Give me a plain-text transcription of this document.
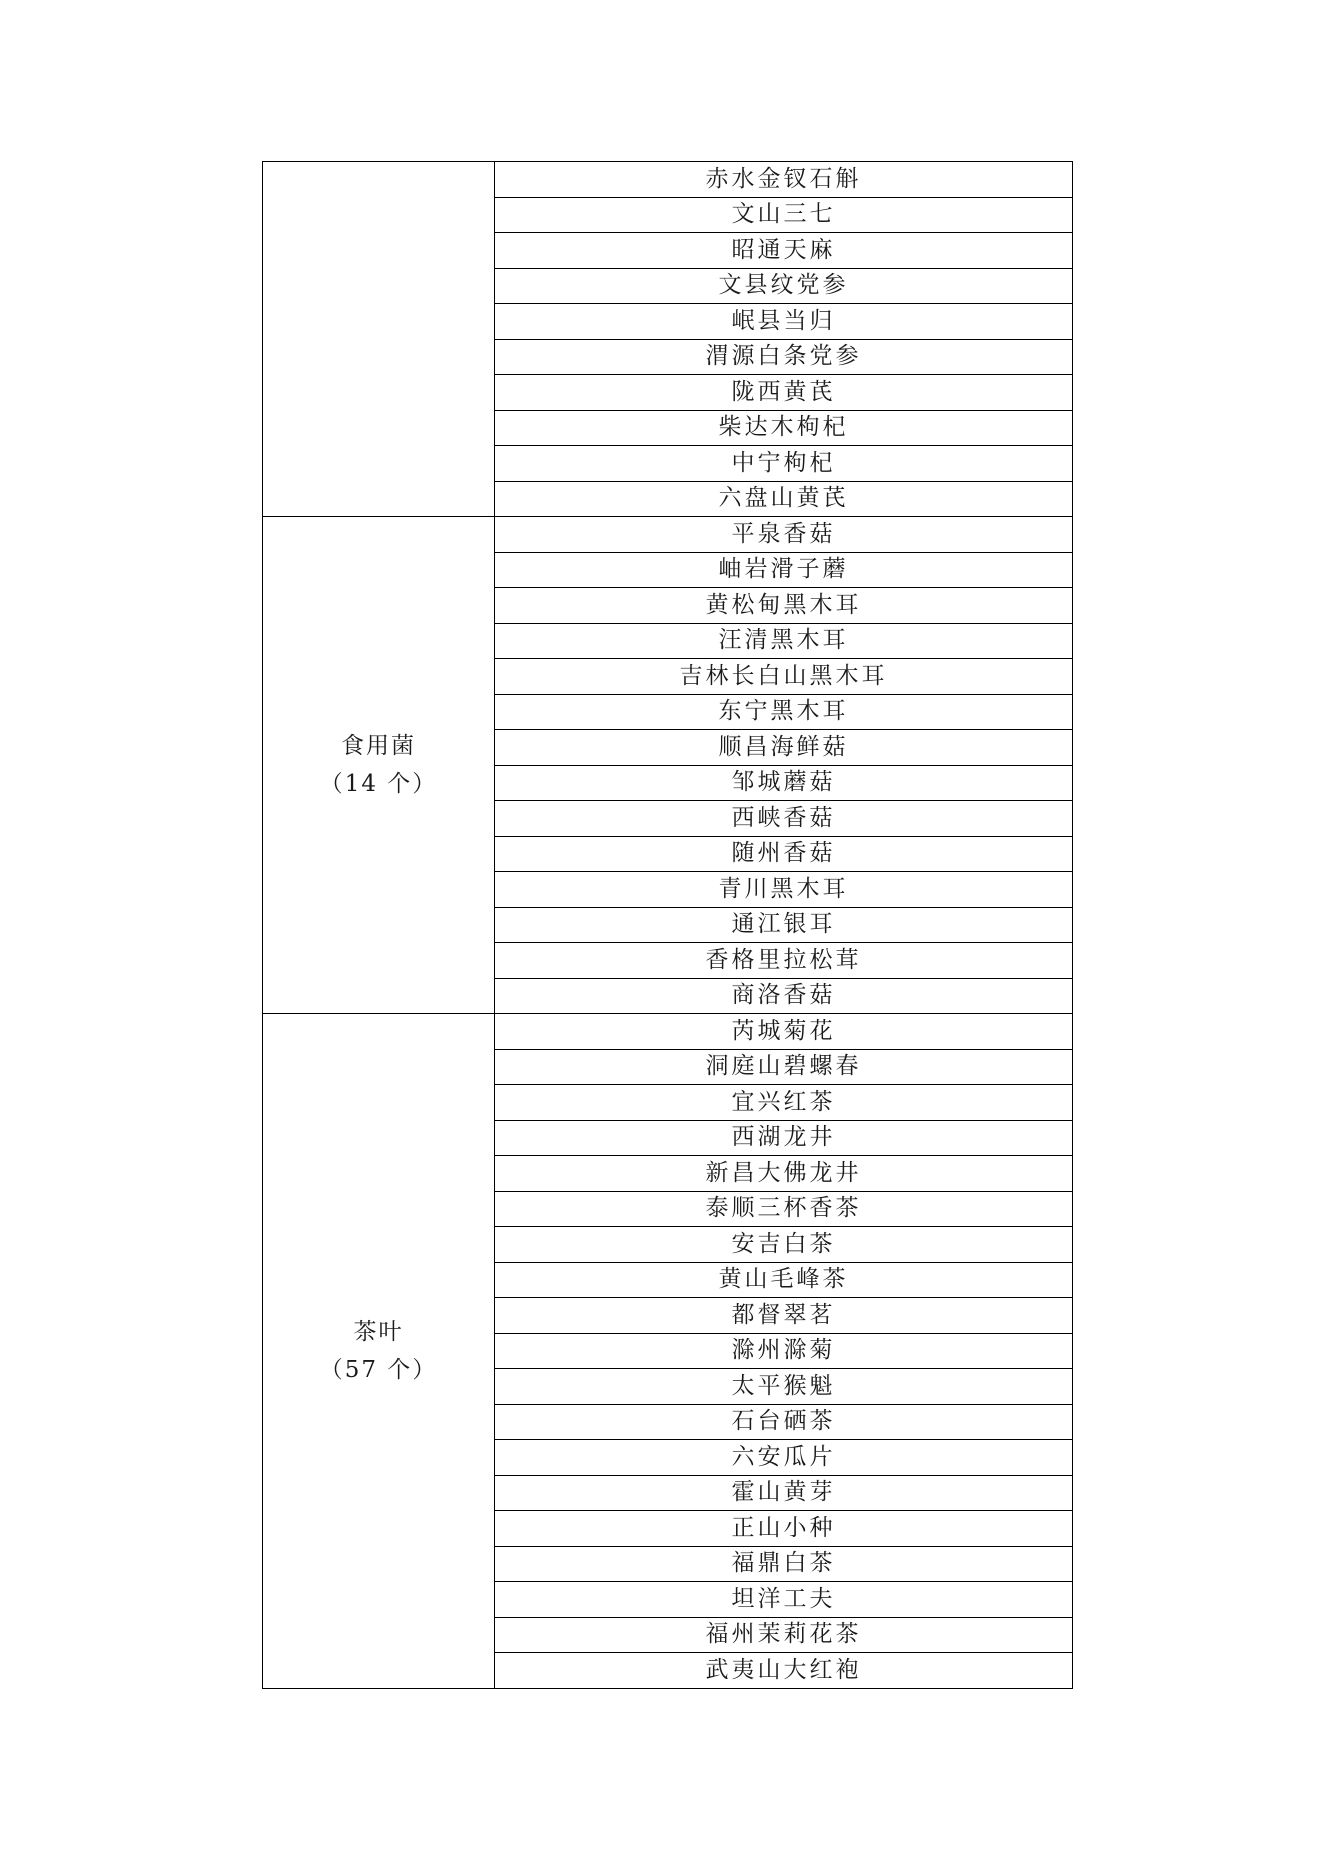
	赤水金钗石斛
	文山三七
	昭通天麻
	文县纹党参
	岷县当归
	渭源白条党参
	陇西黄芪
	柴达木枸杞
	中宁枸杞
	六盘山黄芪

食用菌
（14 个）	平泉香菇
	岫岩滑子蘑
	黄松甸黑木耳
	汪清黑木耳
	吉林长白山黑木耳
	东宁黑木耳
	顺昌海鲜菇
	邹城蘑菇
	西峡香菇
	随州香菇
	青川黑木耳
	通江银耳
	香格里拉松茸
	商洛香菇

茶叶
（57 个）	芮城菊花
	洞庭山碧螺春
	宜兴红茶
	西湖龙井
	新昌大佛龙井
	泰顺三杯香茶
	安吉白茶
	黄山毛峰茶
	都督翠茗
	滁州滁菊
	太平猴魁
	石台硒茶
	六安瓜片
	霍山黄芽
	正山小种
	福鼎白茶
	坦洋工夫
	福州茉莉花茶
	武夷山大红袍
